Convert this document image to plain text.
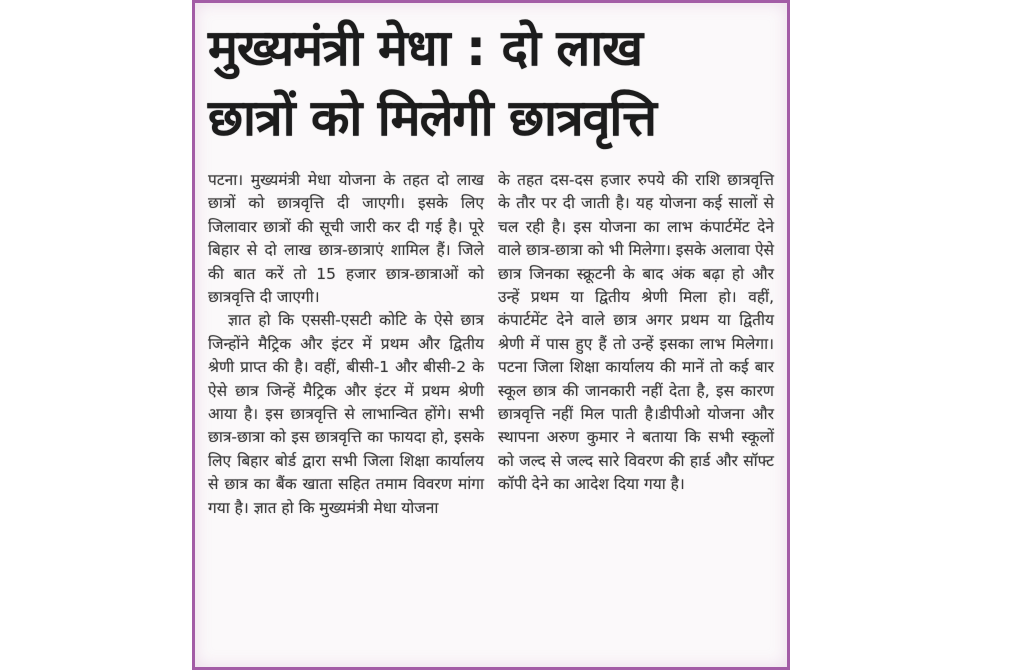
मुख्यमंत्री मेधा : दो लाख
छात्रों को मिलेगी छात्रवृत्ति

पटना। मुख्यमंत्री मेधा योजना के तहत दो लाख छात्रों को छात्रवृत्ति दी जाएगी। इसके लिए जिलावार छात्रों की सूची जारी कर दी गई है। पूरे बिहार से दो लाख छात्र-छात्राएं शामिल हैं। जिले की बात करें तो 15 हजार छात्र-छात्राओं को छात्रवृत्ति दी जाएगी।

ज्ञात हो कि एससी-एसटी कोटि के ऐसे छात्र जिन्होंने मैट्रिक और इंटर में प्रथम और द्वितीय श्रेणी प्राप्त की है। वहीं, बीसी-1 और बीसी-2 के ऐसे छात्र जिन्हें मैट्रिक और इंटर में प्रथम श्रेणी आया है। इस छात्रवृत्ति से लाभान्वित होंगे। सभी छात्र-छात्रा को इस छात्रवृत्ति का फायदा हो, इसके लिए बिहार बोर्ड द्वारा सभी जिला शिक्षा कार्यालय से छात्र का बैंक खाता सहित तमाम विवरण मांगा गया है। ज्ञात हो कि मुख्यमंत्री मेधा योजना

के तहत दस-दस हजार रुपये की राशि छात्रवृत्ति के तौर पर दी जाती है। यह योजना कई सालों से चल रही है। इस योजना का लाभ कंपार्टमेंट देने वाले छात्र-छात्रा को भी मिलेगा। इसके अलावा ऐसे छात्र जिनका स्क्रूटनी के बाद अंक बढ़ा हो और उन्हें प्रथम या द्वितीय श्रेणी मिला हो। वहीं, कंपार्टमेंट देने वाले छात्र अगर प्रथम या द्वितीय श्रेणी में पास हुए हैं तो उन्हें इसका लाभ मिलेगा। पटना जिला शिक्षा कार्यालय की मानें तो कई बार स्कूल छात्र की जानकारी नहीं देता है, इस कारण छात्रवृत्ति नहीं मिल पाती है।डीपीओ योजना और स्थापना अरुण कुमार ने बताया कि सभी स्कूलों को जल्द से जल्द सारे विवरण की हार्ड और सॉफ्ट कॉपी देने का आदेश दिया गया है।
